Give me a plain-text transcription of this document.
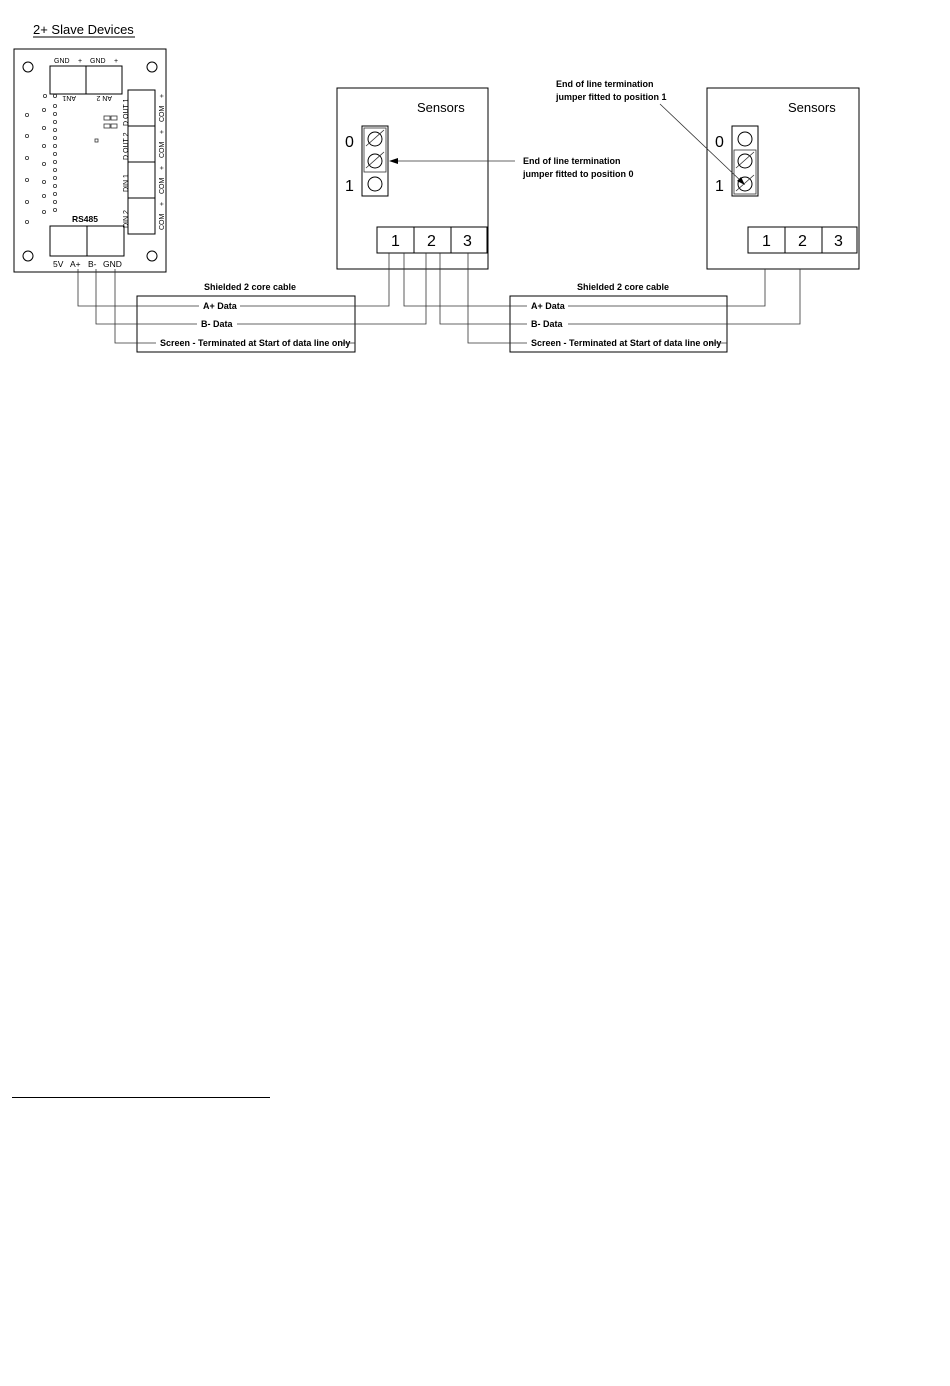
2+ Slave Devices
GND + GND +
AN1	AN 2
D OUT 1
D OUT 2
DIN 1
DIN 2
+
COM
+
COM
+
COM
+
COM
RS485
5V A+ B- GND
Sensors
0
1
1 2 3
End of line termination
jumper fitted to position 0
Sensors
0
1
1 2 3
End of line termination
jumper fitted to position 1
Shielded 2 core cable
A+ Data
B- Data
Screen - Terminated at Start of data line only
Shielded 2 core cable
A+ Data
B- Data
Screen - Terminated at Start of data line only
